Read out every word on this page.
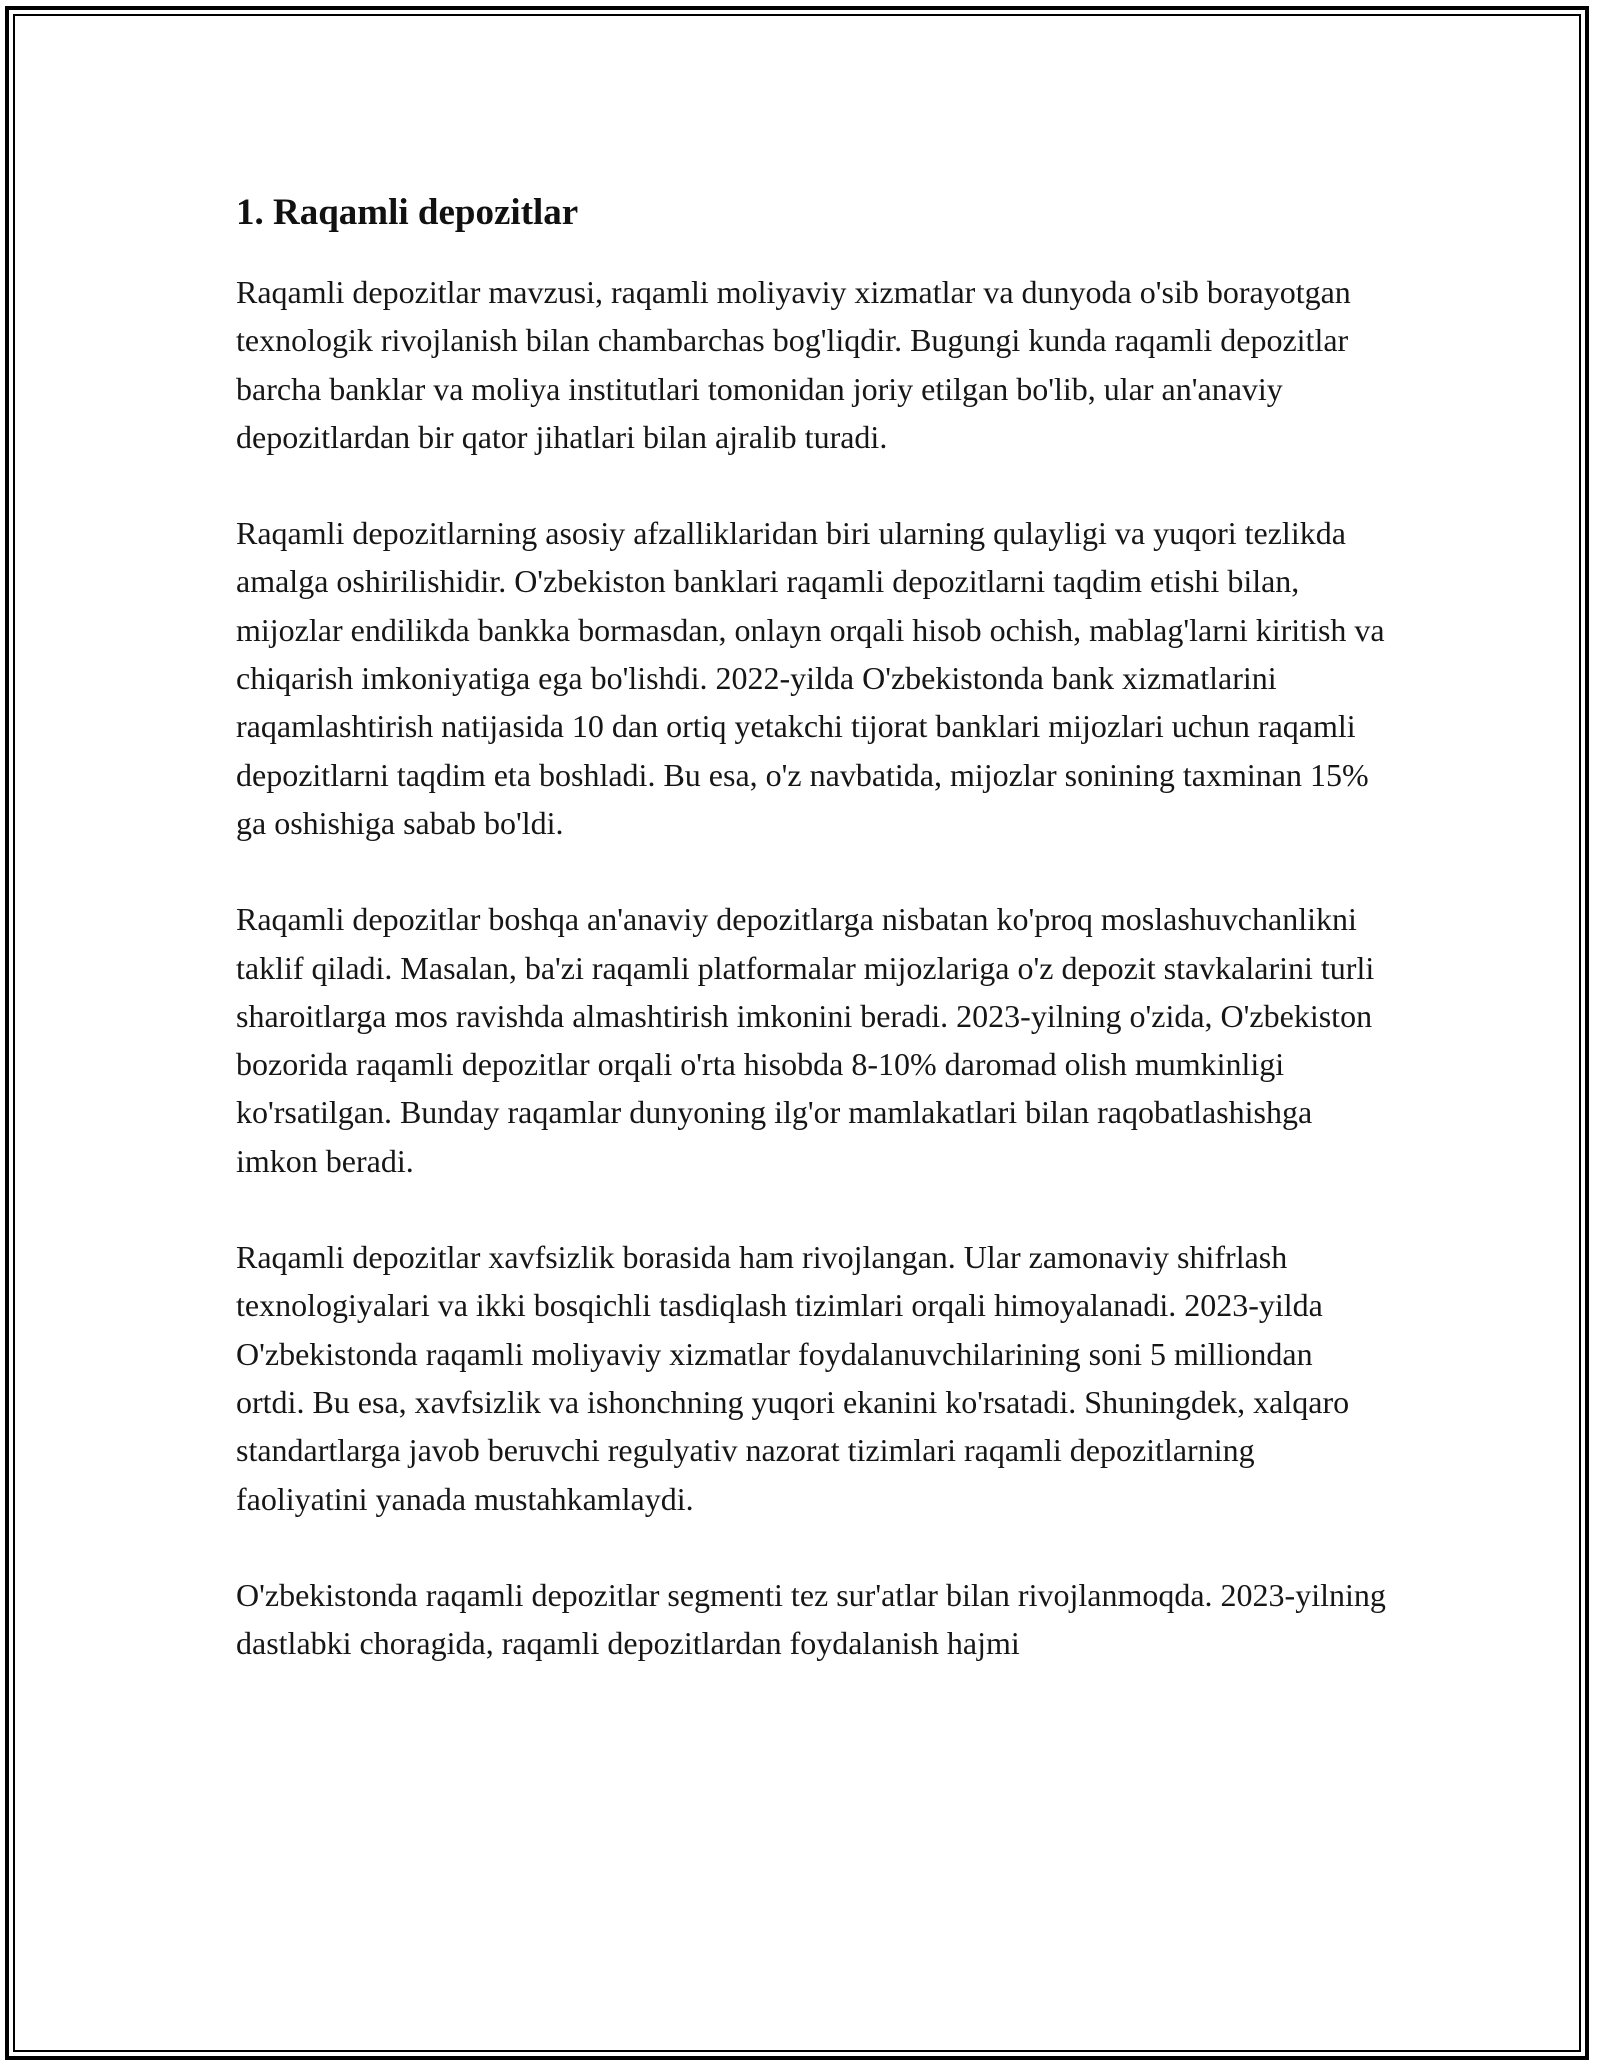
1. Raqamli depozitlar

Raqamli depozitlar mavzusi, raqamli moliyaviy xizmatlar va dunyoda o'sib borayotgan texnologik rivojlanish bilan chambarchas bog'liqdir. Bugungi kunda raqamli depozitlar barcha banklar va moliya institutlari tomonidan joriy etilgan bo'lib, ular an'anaviy depozitlardan bir qator jihatlari bilan ajralib turadi.

Raqamli depozitlarning asosiy afzalliklaridan biri ularning qulayligi va yuqori tezlikda amalga oshirilishidir. O'zbekiston banklari raqamli depozitlarni taqdim etishi bilan, mijozlar endilikda bankka bormasdan, onlayn orqali hisob ochish, mablag'larni kiritish va chiqarish imkoniyatiga ega bo'lishdi. 2022-yilda O'zbekistonda bank xizmatlarini raqamlashtirish natijasida 10 dan ortiq yetakchi tijorat banklari mijozlari uchun raqamli depozitlarni taqdim eta boshladi. Bu esa, o'z navbatida, mijozlar sonining taxminan 15% ga oshishiga sabab bo'ldi.

Raqamli depozitlar boshqa an'anaviy depozitlarga nisbatan ko'proq moslashuvchanlikni taklif qiladi. Masalan, ba'zi raqamli platformalar mijozlariga o'z depozit stavkalarini turli sharoitlarga mos ravishda almashtirish imkonini beradi. 2023-yilning o'zida, O'zbekiston bozorida raqamli depozitlar orqali o'rta hisobda 8-10% daromad olish mumkinligi ko'rsatilgan. Bunday raqamlar dunyoning ilg'or mamlakatlari bilan raqobatlashishga imkon beradi.

Raqamli depozitlar xavfsizlik borasida ham rivojlangan. Ular zamonaviy shifrlash texnologiyalari va ikki bosqichli tasdiqlash tizimlari orqali himoyalanadi. 2023-yilda O'zbekistonda raqamli moliyaviy xizmatlar foydalanuvchilarining soni 5 milliondan ortdi. Bu esa, xavfsizlik va ishonchning yuqori ekanini ko'rsatadi. Shuningdek, xalqaro standartlarga javob beruvchi regulyativ nazorat tizimlari raqamli depozitlarning faoliyatini yanada mustahkamlaydi.

O'zbekistonda raqamli depozitlar segmenti tez sur'atlar bilan rivojlanmoqda. 2023-yilning dastlabki choragida, raqamli depozitlardan foydalanish hajmi
